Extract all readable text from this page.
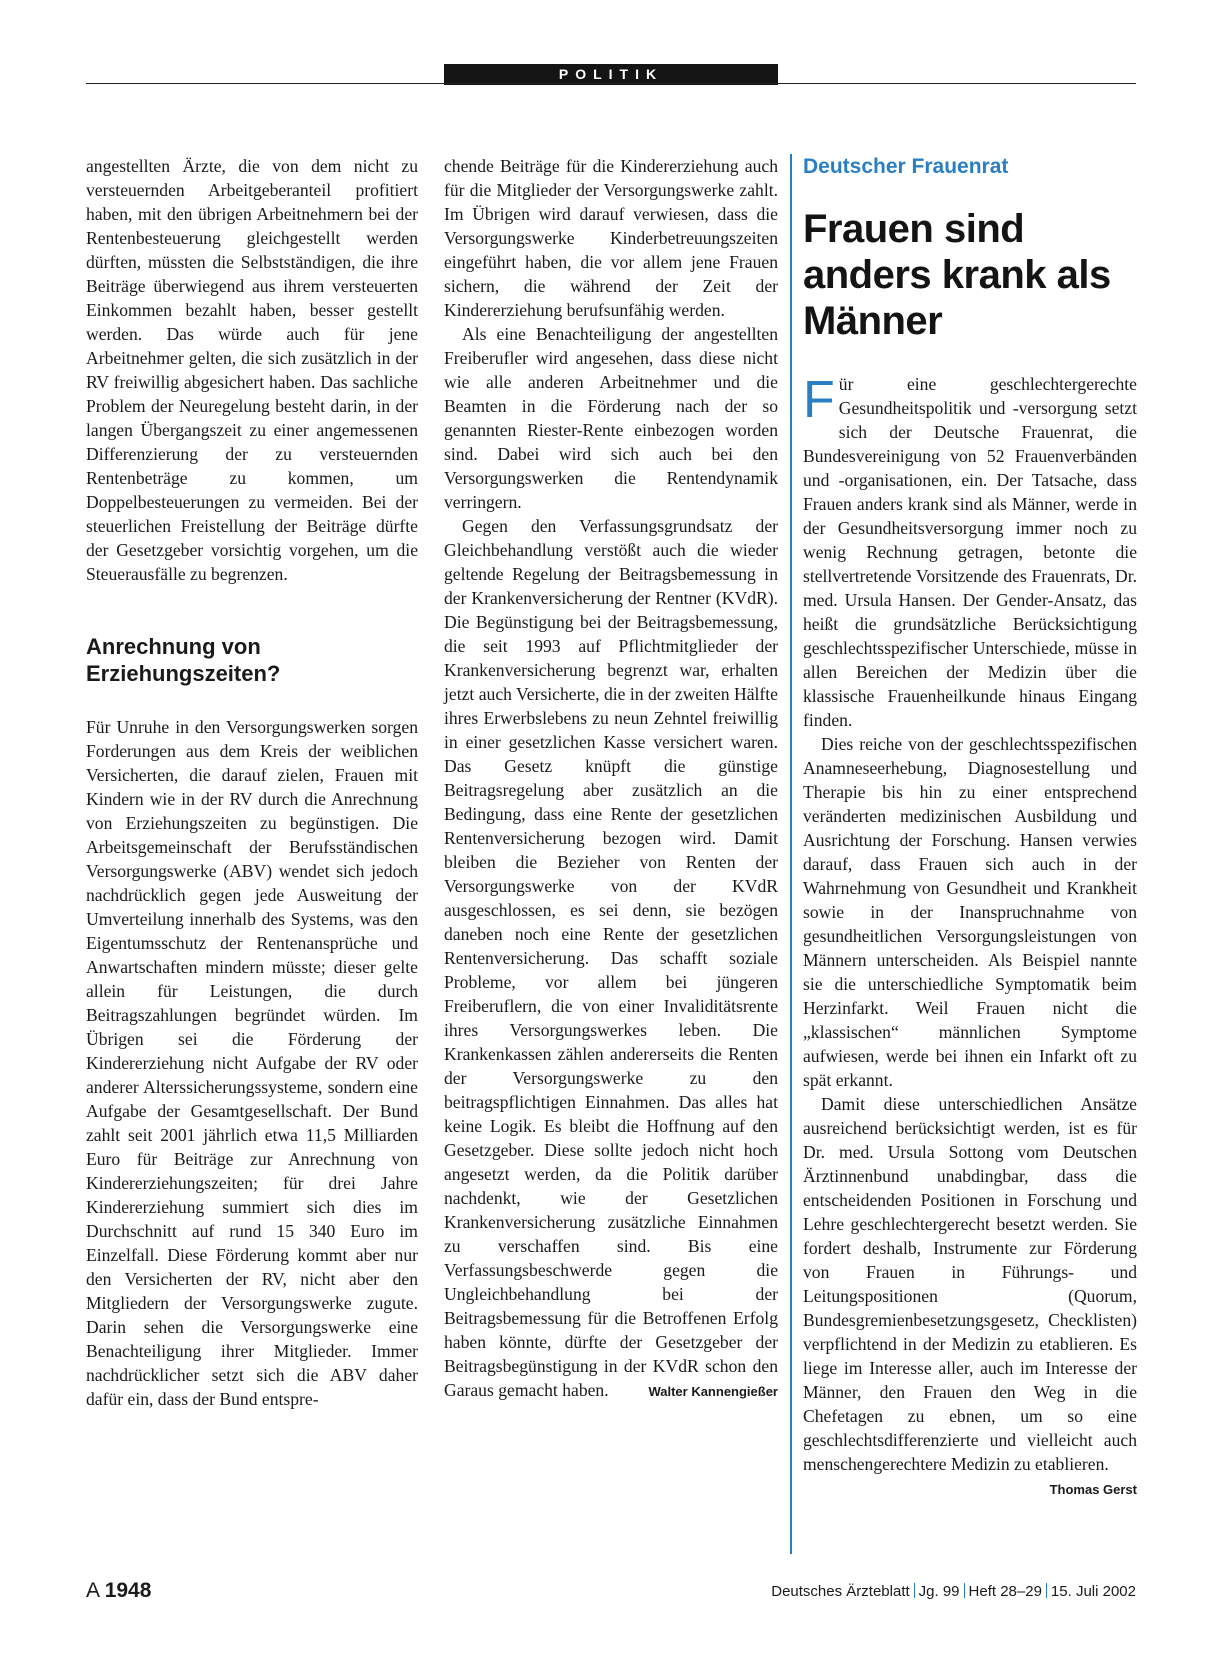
POLITIK

angestellten Ärzte, die von dem nicht zu versteuernden Arbeitgeberanteil profitiert haben, mit den übrigen Arbeitnehmern bei der Rentenbesteuerung gleichgestellt werden dürften, müssten die Selbstständigen, die ihre Beiträge überwiegend aus ihrem versteuerten Einkommen bezahlt haben, besser gestellt werden. Das würde auch für jene Arbeitnehmer gelten, die sich zusätzlich in der RV freiwillig abgesichert haben. Das sachliche Problem der Neuregelung besteht darin, in der langen Übergangszeit zu einer angemessenen Differenzierung der zu versteuernden Rentenbeträge zu kommen, um Doppelbesteuerungen zu vermeiden. Bei der steuerlichen Freistellung der Beiträge dürfte der Gesetzgeber vorsichtig vorgehen, um die Steuerausfälle zu begrenzen.

Anrechnung von Erziehungszeiten?

Für Unruhe in den Versorgungswerken sorgen Forderungen aus dem Kreis der weiblichen Versicherten, die darauf zielen, Frauen mit Kindern wie in der RV durch die Anrechnung von Erziehungszeiten zu begünstigen. Die Arbeitsgemeinschaft der Berufsständischen Versorgungswerke (ABV) wendet sich jedoch nachdrücklich gegen jede Ausweitung der Umverteilung innerhalb des Systems, was den Eigentumsschutz der Rentenansprüche und Anwartschaften mindern müsste; dieser gelte allein für Leistungen, die durch Beitragszahlungen begründet würden. Im Übrigen sei die Förderung der Kindererziehung nicht Aufgabe der RV oder anderer Alterssicherungssysteme, sondern eine Aufgabe der Gesamtgesellschaft. Der Bund zahlt seit 2001 jährlich etwa 11,5 Milliarden Euro für Beiträge zur Anrechnung von Kindererziehungszeiten; für drei Jahre Kindererziehung summiert sich dies im Durchschnitt auf rund 15 340 Euro im Einzelfall. Diese Förderung kommt aber nur den Versicherten der RV, nicht aber den Mitgliedern der Versorgungswerke zugute. Darin sehen die Versorgungswerke eine Benachteiligung ihrer Mitglieder. Immer nachdrücklicher setzt sich die ABV daher dafür ein, dass der Bund entspre-

chende Beiträge für die Kindererziehung auch für die Mitglieder der Versorgungswerke zahlt. Im Übrigen wird darauf verwiesen, dass die Versorgungswerke Kinderbetreuungszeiten eingeführt haben, die vor allem jene Frauen sichern, die während der Zeit der Kindererziehung berufsunfähig werden.

Als eine Benachteiligung der angestellten Freiberufler wird angesehen, dass diese nicht wie alle anderen Arbeitnehmer und die Beamten in die Förderung nach der so genannten Riester-Rente einbezogen worden sind. Dabei wird sich auch bei den Versorgungswerken die Rentendynamik verringern.

Gegen den Verfassungsgrundsatz der Gleichbehandlung verstößt auch die wieder geltende Regelung der Beitragsbemessung in der Krankenversicherung der Rentner (KVdR). Die Begünstigung bei der Beitragsbemessung, die seit 1993 auf Pflichtmitglieder der Krankenversicherung begrenzt war, erhalten jetzt auch Versicherte, die in der zweiten Hälfte ihres Erwerbslebens zu neun Zehntel freiwillig in einer gesetzlichen Kasse versichert waren. Das Gesetz knüpft die günstige Beitragsregelung aber zusätzlich an die Bedingung, dass eine Rente der gesetzlichen Rentenversicherung bezogen wird. Damit bleiben die Bezieher von Renten der Versorgungswerke von der KVdR ausgeschlossen, es sei denn, sie bezögen daneben noch eine Rente der gesetzlichen Rentenversicherung. Das schafft soziale Probleme, vor allem bei jüngeren Freiberuflern, die von einer Invaliditätsrente ihres Versorgungswerkes leben. Die Krankenkassen zählen andererseits die Renten der Versorgungswerke zu den beitragspflichtigen Einnahmen. Das alles hat keine Logik. Es bleibt die Hoffnung auf den Gesetzgeber. Diese sollte jedoch nicht hoch angesetzt werden, da die Politik darüber nachdenkt, wie der Gesetzlichen Krankenversicherung zusätzliche Einnahmen zu verschaffen sind. Bis eine Verfassungsbeschwerde gegen die Ungleichbehandlung bei der Beitragsbemessung für die Betroffenen Erfolg haben könnte, dürfte der Gesetzgeber der Beitragsbegünstigung in der KVdR schon den Garaus gemacht haben.	Walter Kannengießer

Deutscher Frauenrat
Frauen sind anders krank als Männer

Für eine geschlechtergerechte Gesundheitspolitik und -versorgung setzt sich der Deutsche Frauenrat, die Bundesvereinigung von 52 Frauenverbänden und -organisationen, ein. Der Tatsache, dass Frauen anders krank sind als Männer, werde in der Gesundheitsversorgung immer noch zu wenig Rechnung getragen, betonte die stellvertretende Vorsitzende des Frauenrats, Dr. med. Ursula Hansen. Der Gender-Ansatz, das heißt die grundsätzliche Berücksichtigung geschlechtsspezifischer Unterschiede, müsse in allen Bereichen der Medizin über die klassische Frauenheilkunde hinaus Eingang finden.

Dies reiche von der geschlechtsspezifischen Anamneseerhebung, Diagnosestellung und Therapie bis hin zu einer entsprechend veränderten medizinischen Ausbildung und Ausrichtung der Forschung. Hansen verwies darauf, dass Frauen sich auch in der Wahrnehmung von Gesundheit und Krankheit sowie in der Inanspruchnahme von gesundheitlichen Versorgungsleistungen von Männern unterscheiden. Als Beispiel nannte sie die unterschiedliche Symptomatik beim Herzinfarkt. Weil Frauen nicht die „klassischen“ männlichen Symptome aufwiesen, werde bei ihnen ein Infarkt oft zu spät erkannt.

Damit diese unterschiedlichen Ansätze ausreichend berücksichtigt werden, ist es für Dr. med. Ursula Sottong vom Deutschen Ärztinnenbund unabdingbar, dass die entscheidenden Positionen in Forschung und Lehre geschlechtergerecht besetzt werden. Sie fordert deshalb, Instrumente zur Förderung von Frauen in Führungs- und Leitungspositionen (Quorum, Bundesgremienbesetzungsgesetz, Checklisten) verpflichtend in der Medizin zu etablieren. Es liege im Interesse aller, auch im Interesse der Männer, den Frauen den Weg in die Chefetagen zu ebnen, um so eine geschlechtsdifferenzierte und vielleicht auch menschengerechtere Medizin zu etablieren.
Thomas Gerst

A 1948	Deutsches Ärzteblatt Jg. 99 Heft 28–29 15. Juli 2002
